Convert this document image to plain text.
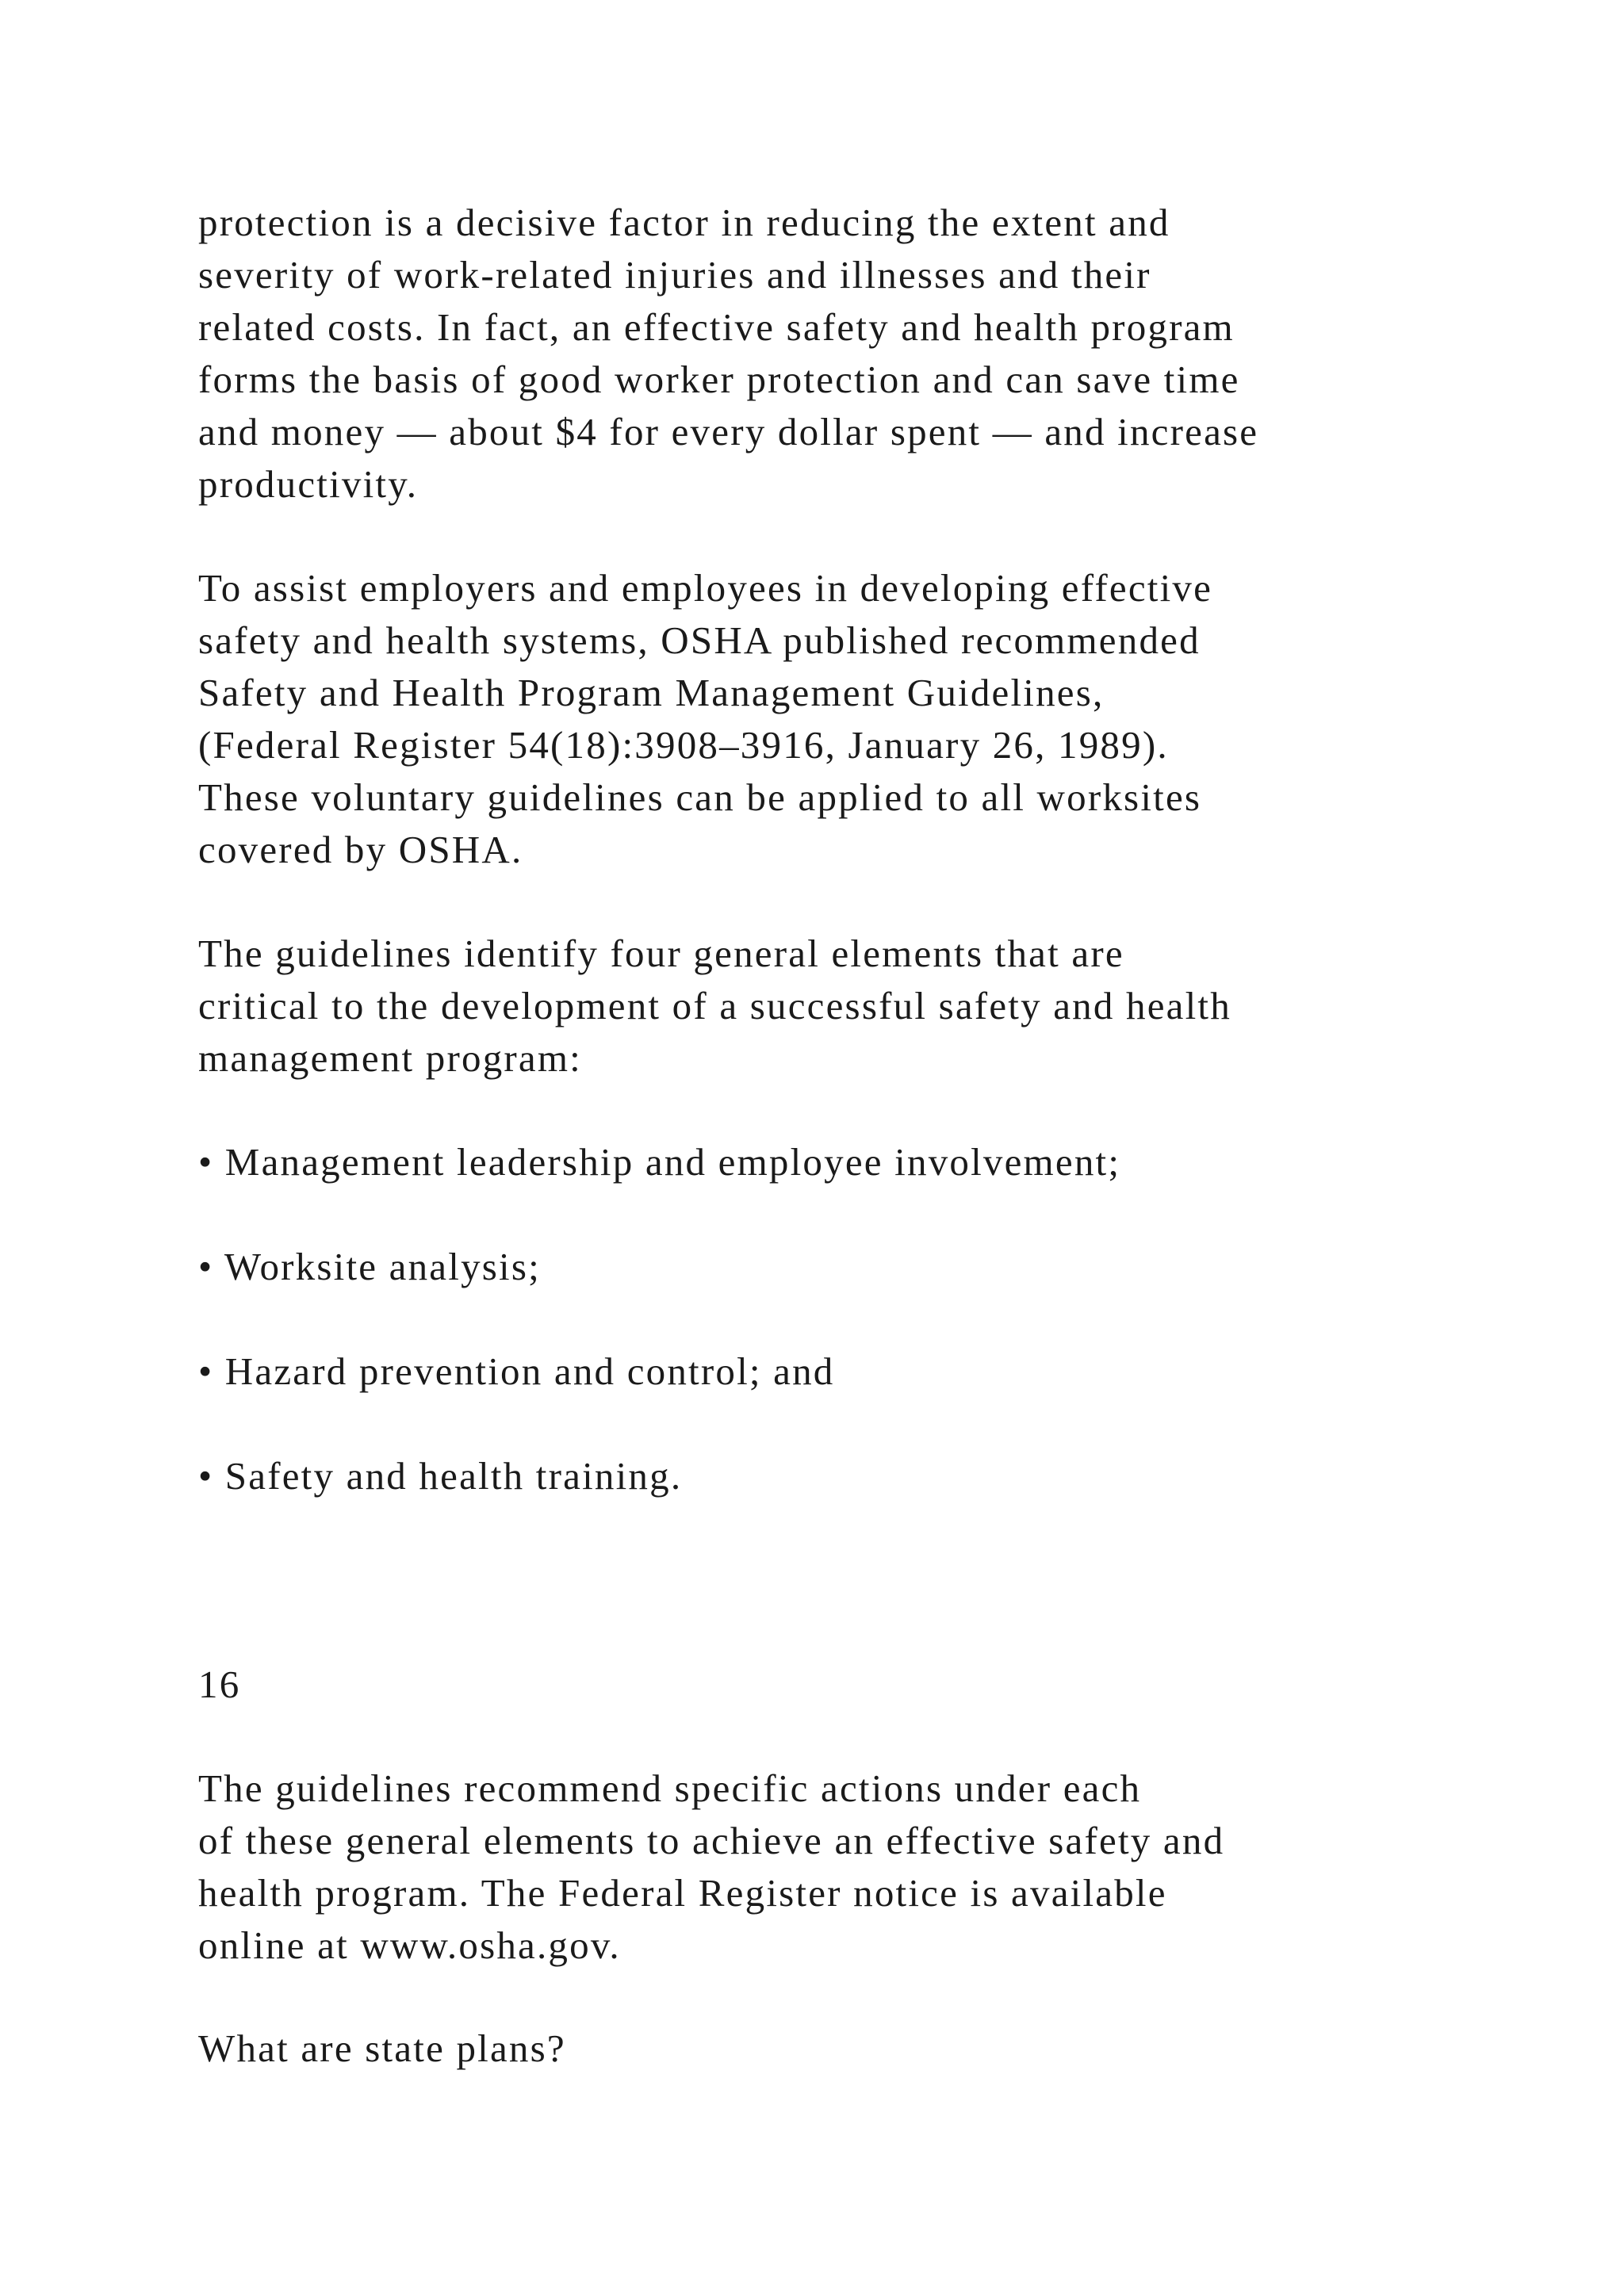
protection is a decisive factor in reducing the extent and
severity of work-related injuries and illnesses and their
related costs. In fact, an effective safety and health program
forms the basis of good worker protection and can save time
and money — about $4 for every dollar spent — and increase
productivity.

To assist employers and employees in developing effective
safety and health systems, OSHA published recommended
Safety and Health Program Management Guidelines,
(Federal Register 54(18):3908–3916, January 26, 1989).
These voluntary guidelines can be applied to all worksites
covered by OSHA.

The guidelines identify four general elements that are
critical to the development of a successful safety and health
management program:

• Management leadership and employee involvement;

• Worksite analysis;

• Hazard prevention and control; and

• Safety and health training.

16

The guidelines recommend specific actions under each
of these general elements to achieve an effective safety and
health program. The Federal Register notice is available
online at www.osha.gov.

What are state plans?
